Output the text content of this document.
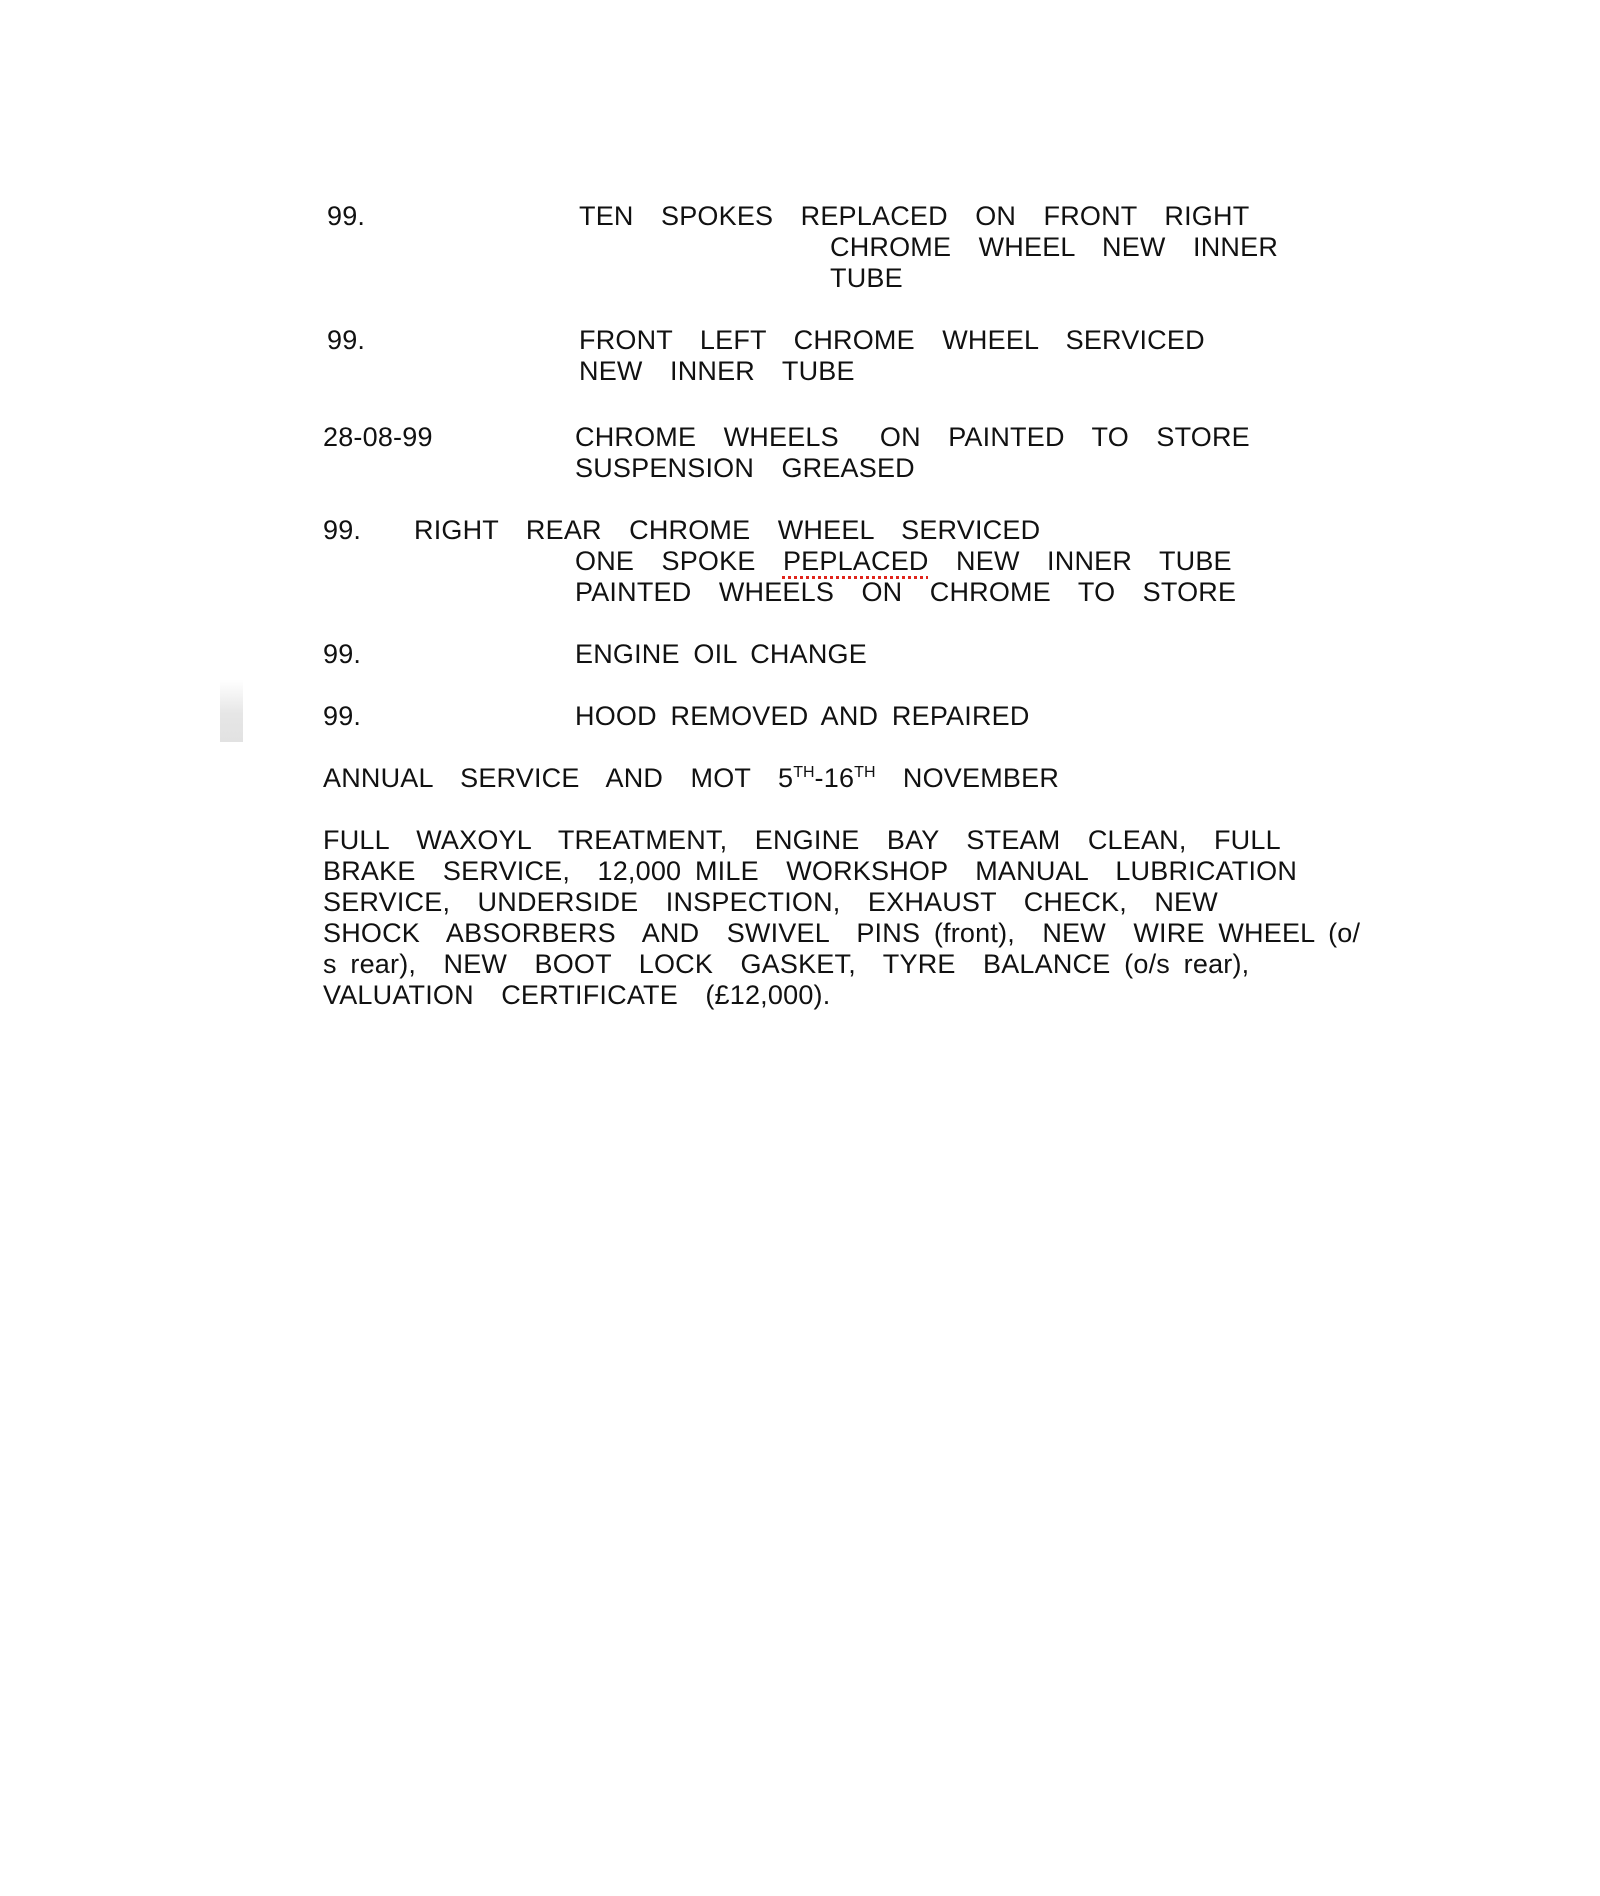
99.	TEN  SPOKES  REPLACED  ON  FRONT  RIGHT
CHROME  WHEEL  NEW  INNER
TUBE
99.	FRONT  LEFT  CHROME  WHEEL  SERVICED
NEW  INNER  TUBE
28-08-99	CHROME  WHEELS   ON  PAINTED  TO  STORE
SUSPENSION  GREASED
99. RIGHT  REAR  CHROME  WHEEL  SERVICED
ONE  SPOKE PEPLACED NEW  INNER  TUBE
PAINTED  WHEELS  ON  CHROME  TO  STORE
99.	ENGINE OIL CHANGE
99.	HOOD REMOVED AND REPAIRED
ANNUAL  SERVICE  AND  MOT  5TH-16TH  NOVEMBER
FULL  WAXOYL  TREATMENT,  ENGINE  BAY  STEAM  CLEAN,  FULL
BRAKE  SERVICE,  12,000 MILE  WORKSHOP  MANUAL  LUBRICATION
SERVICE,  UNDERSIDE  INSPECTION,  EXHAUST  CHECK,  NEW
SHOCK  ABSORBERS  AND  SWIVEL  PINS (front),  NEW  WIRE WHEEL (o/
s rear),  NEW  BOOT  LOCK  GASKET,  TYRE  BALANCE (o/s rear),
VALUATION  CERTIFICATE  (£12,000).
